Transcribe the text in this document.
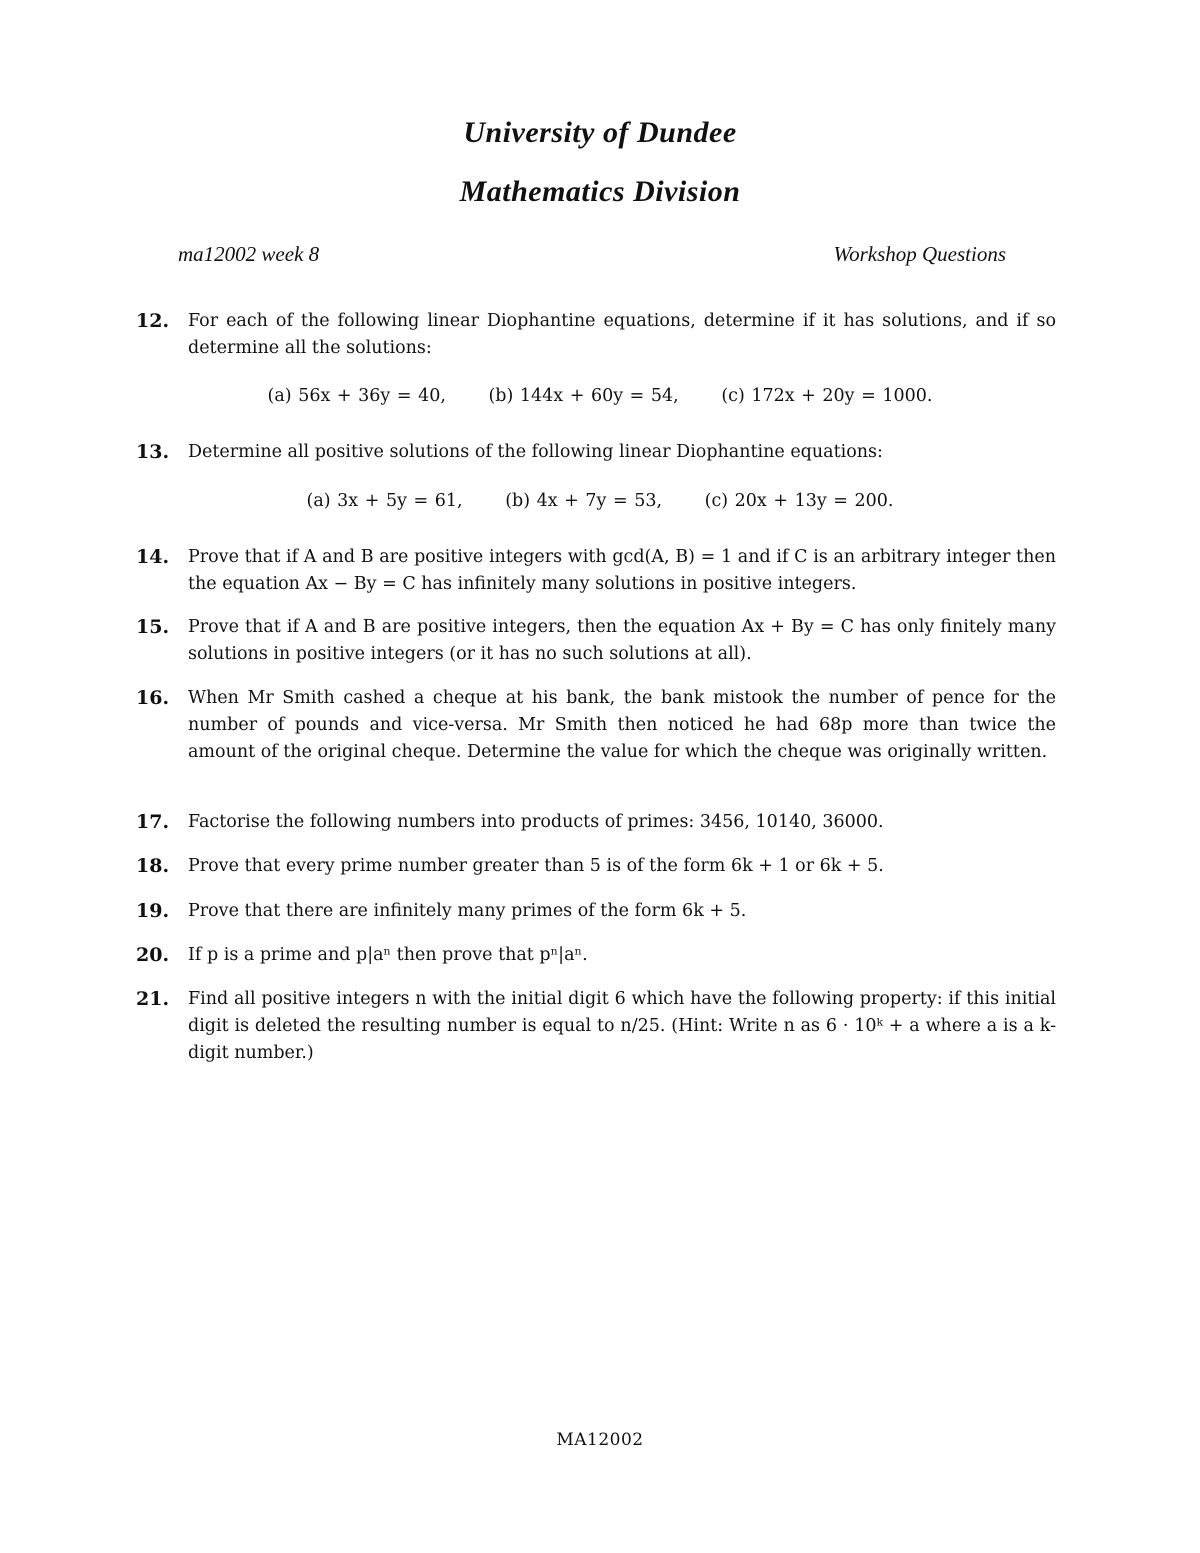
University of Dundee
Mathematics Division
ma12002 week 8	Workshop Questions
12. For each of the following linear Diophantine equations, determine if it has solutions, and if so determine all the solutions:
(a) 56x + 36y = 40, (b) 144x + 60y = 54, (c) 172x + 20y = 1000.
13. Determine all positive solutions of the following linear Diophantine equations:
(a) 3x + 5y = 61, (b) 4x + 7y = 53, (c) 20x + 13y = 200.
14. Prove that if A and B are positive integers with gcd(A, B) = 1 and if C is an arbitrary integer then the equation Ax − By = C has infinitely many solutions in positive integers.
15. Prove that if A and B are positive integers, then the equation Ax + By = C has only finitely many solutions in positive integers (or it has no such solutions at all).
16. When Mr Smith cashed a cheque at his bank, the bank mistook the number of pence for the number of pounds and vice-versa. Mr Smith then noticed he had 68p more than twice the amount of the original cheque. Determine the value for which the cheque was originally written.
17. Factorise the following numbers into products of primes: 3456, 10140, 36000.
18. Prove that every prime number greater than 5 is of the form 6k + 1 or 6k + 5.
19. Prove that there are infinitely many primes of the form 6k + 5.
20. If p is a prime and p|aⁿ then prove that pⁿ|aⁿ.
21. Find all positive integers n with the initial digit 6 which have the following property: if this initial digit is deleted the resulting number is equal to n/25. (Hint: Write n as 6 · 10ᵏ + a where a is a k-digit number.)
MA12002
